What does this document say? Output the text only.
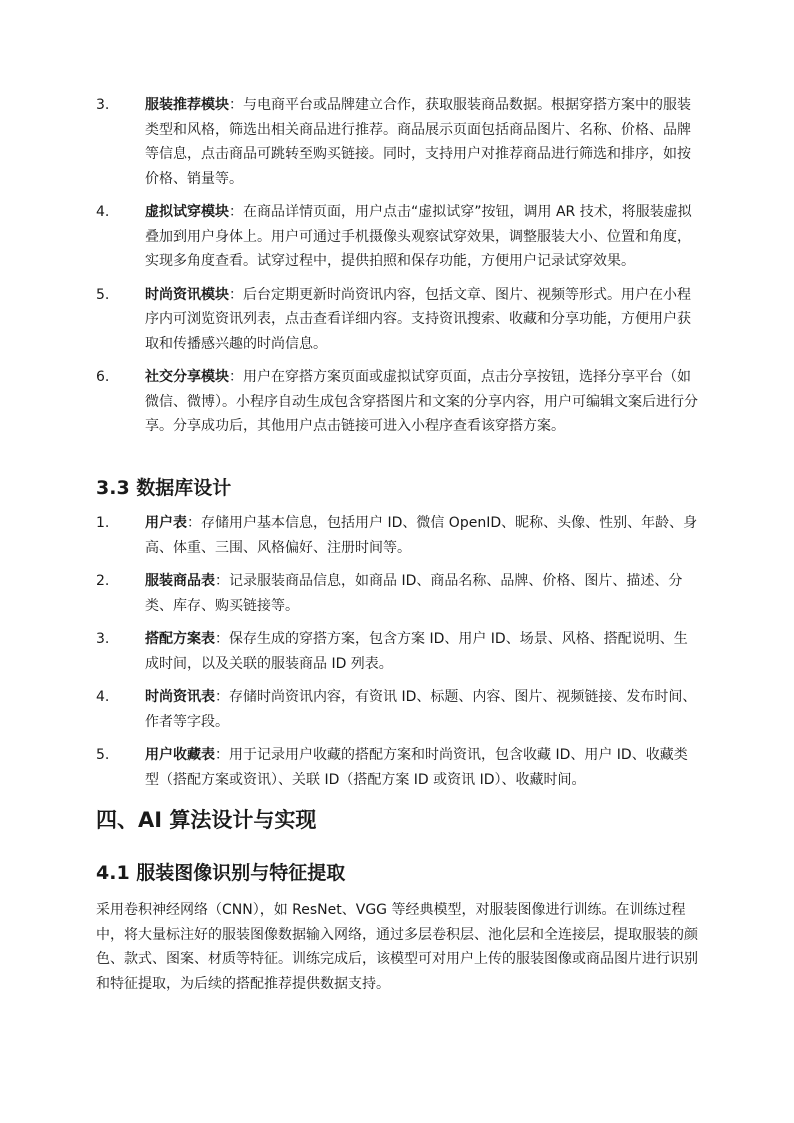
3.	服装推荐模块：与电商平台或品牌建立合作，获取服装商品数据。根据穿搭方案中的服装类型和风格，筛选出相关商品进行推荐。商品展示页面包括商品图片、名称、价格、品牌等信息，点击商品可跳转至购买链接。同时，支持用户对推荐商品进行筛选和排序，如按价格、销量等。
4.	虚拟试穿模块：在商品详情页面，用户点击“虚拟试穿”按钮，调用 AR 技术，将服装虚拟叠加到用户身体上。用户可通过手机摄像头观察试穿效果，调整服装大小、位置和角度，实现多角度查看。试穿过程中，提供拍照和保存功能，方便用户记录试穿效果。
5.	时尚资讯模块：后台定期更新时尚资讯内容，包括文章、图片、视频等形式。用户在小程序内可浏览资讯列表，点击查看详细内容。支持资讯搜索、收藏和分享功能，方便用户获取和传播感兴趣的时尚信息。
6.	社交分享模块：用户在穿搭方案页面或虚拟试穿页面，点击分享按钮，选择分享平台（如微信、微博）。小程序自动生成包含穿搭图片和文案的分享内容，用户可编辑文案后进行分享。分享成功后，其他用户点击链接可进入小程序查看该穿搭方案。
3.3 数据库设计
1.	用户表：存储用户基本信息，包括用户 ID、微信 OpenID、昵称、头像、性别、年龄、身高、体重、三围、风格偏好、注册时间等。
2.	服装商品表：记录服装商品信息，如商品 ID、商品名称、品牌、价格、图片、描述、分类、库存、购买链接等。
3.	搭配方案表：保存生成的穿搭方案，包含方案 ID、用户 ID、场景、风格、搭配说明、生成时间，以及关联的服装商品 ID 列表。
4.	时尚资讯表：存储时尚资讯内容，有资讯 ID、标题、内容、图片、视频链接、发布时间、作者等字段。
5.	用户收藏表：用于记录用户收藏的搭配方案和时尚资讯，包含收藏 ID、用户 ID、收藏类型（搭配方案或资讯）、关联 ID（搭配方案 ID 或资讯 ID）、收藏时间。
四、AI 算法设计与实现
4.1 服装图像识别与特征提取

采用卷积神经网络（CNN），如 ResNet、VGG 等经典模型，对服装图像进行训练。在训练过程中，将大量标注好的服装图像数据输入网络，通过多层卷积层、池化层和全连接层，提取服装的颜色、款式、图案、材质等特征。训练完成后，该模型可对用户上传的服装图像或商品图片进行识别和特征提取，为后续的搭配推荐提供数据支持。
